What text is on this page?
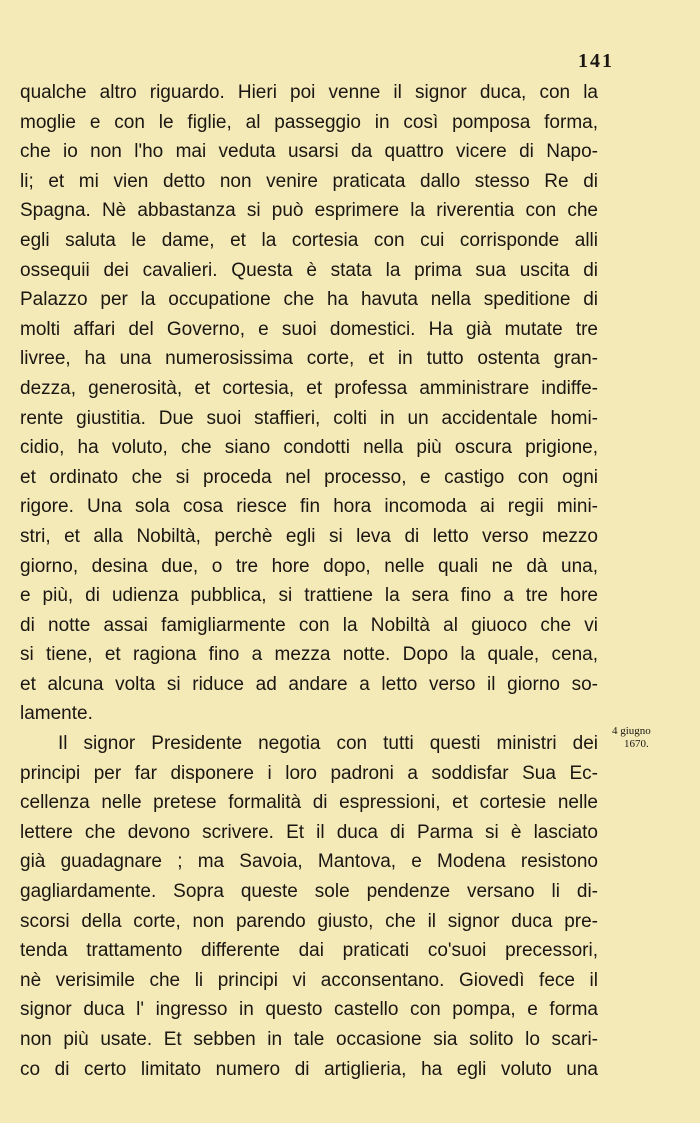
141
qualche altro riguardo. Hieri poi venne il signor duca, con la
moglie e con le figlie, al passeggio in così pomposa forma,
che io non l'ho mai veduta usarsi da quattro vicere di Napo-
li; et mi vien detto non venire praticata dallo stesso Re di
Spagna. Nè abbastanza si può esprimere la riverentia con che
egli saluta le dame, et la cortesia con cui corrisponde alli
ossequii dei cavalieri. Questa è stata la prima sua uscita di
Palazzo per la occupatione che ha havuta nella speditione di
molti affari del Governo, e suoi domestici. Ha già mutate tre
livree, ha una numerosissima corte, et in tutto ostenta gran-
dezza, generosità, et cortesia, et professa amministrare indiffe-
rente giustitia. Due suoi staffieri, colti in un accidentale homi-
cidio, ha voluto, che siano condotti nella più oscura prigione,
et ordinato che si proceda nel processo, e castigo con ogni
rigore. Una sola cosa riesce fin hora incomoda ai regii mini-
stri, et alla Nobiltà, perchè egli si leva di letto verso mezzo
giorno, desina due, o tre hore dopo, nelle quali ne dà una,
e più, di udienza pubblica, si trattiene la sera fino a tre hore
di notte assai famigliarmente con la Nobiltà al giuoco che vi
si tiene, et ragiona fino a mezza notte. Dopo la quale, cena,
et alcuna volta si riduce ad andare a letto verso il giorno so-
lamente.
Il signor Presidente negotia con tutti questi ministri dei
principi per far disponere i loro padroni a soddisfar Sua Ec-
cellenza nelle pretese formalità di espressioni, et cortesie nelle
lettere che devono scrivere. Et il duca di Parma si è lasciato
già guadagnare ; ma Savoia, Mantova, e Modena resistono
gagliardamente. Sopra queste sole pendenze versano li di-
scorsi della corte, non parendo giusto, che il signor duca pre-
tenda trattamento differente dai praticati co'suoi precessori,
nè verisimile che li principi vi acconsentano. Giovedì fece il
signor duca l' ingresso in questo castello con pompa, e forma
non più usate. Et sebben in tale occasione sia solito lo scari-
co di certo limitato numero di artiglieria, ha egli voluto una
4 giugno
1670.
